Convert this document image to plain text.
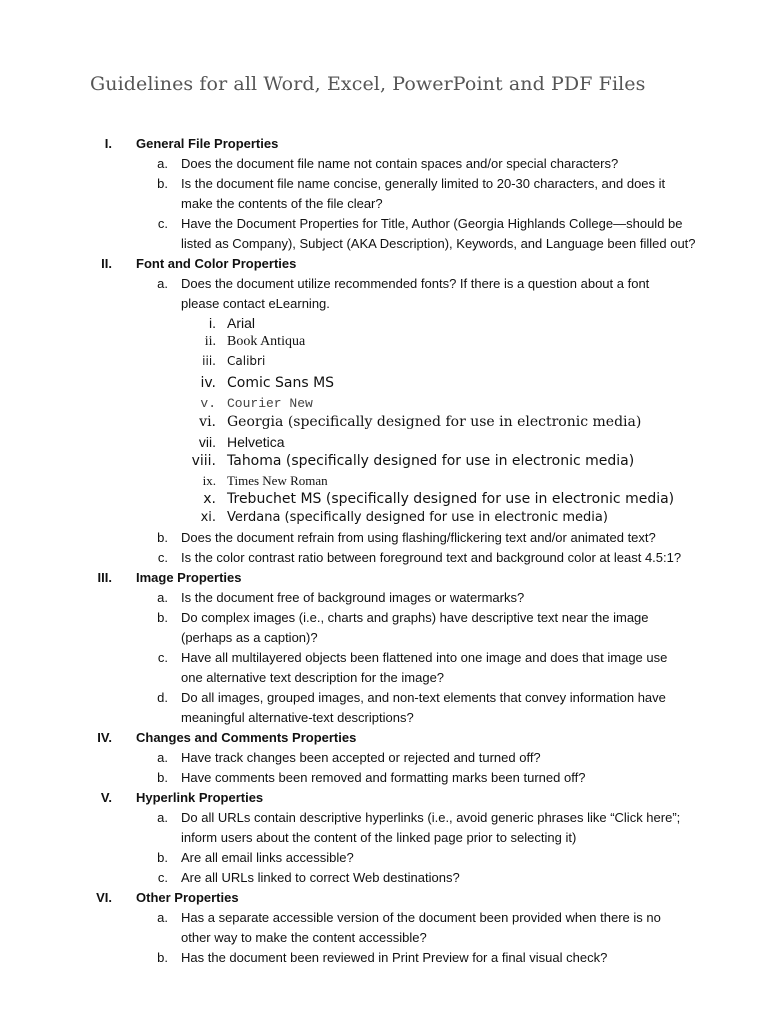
Guidelines for all Word, Excel, PowerPoint and PDF Files
I. General File Properties
a. Does the document file name not contain spaces and/or special characters?
b. Is the document file name concise, generally limited to 20-30 characters, and does it
make the contents of the file clear?
c. Have the Document Properties for Title, Author (Georgia Highlands College—should be
listed as Company), Subject (AKA Description), Keywords, and Language been filled out?
II. Font and Color Properties
a. Does the document utilize recommended fonts? If there is a question about a font
please contact eLearning.
b. Does the document refrain from using flashing/flickering text and/or animated text?
c. Is the color contrast ratio between foreground text and background color at least 4.5:1?
i. Arial
ii. Book Antiqua
iii. Calibri
iv. Comic Sans MS
v. Courier New
vi. Georgia (specifically designed for use in electronic media)
vii. Helvetica
viii. Tahoma (specifically designed for use in electronic media)
ix. Times New Roman
x. Trebuchet MS (specifically designed for use in electronic media)
xi. Verdana (specifically designed for use in electronic media)
III. Image Properties
a. Is the document free of background images or watermarks?
b. Do complex images (i.e., charts and graphs) have descriptive text near the image
(perhaps as a caption)?
c. Have all multilayered objects been flattened into one image and does that image use
one alternative text description for the image?
d. Do all images, grouped images, and non-text elements that convey information have
meaningful alternative-text descriptions?
IV. Changes and Comments Properties
a. Have track changes been accepted or rejected and turned off?
b. Have comments been removed and formatting marks been turned off?
V. Hyperlink Properties
a. Do all URLs contain descriptive hyperlinks (i.e., avoid generic phrases like “Click here”;
inform users about the content of the linked page prior to selecting it)
b. Are all email links accessible?
c. Are all URLs linked to correct Web destinations?
VI. Other Properties
a. Has a separate accessible version of the document been provided when there is no
other way to make the content accessible?
b. Has the document been reviewed in Print Preview for a final visual check?
